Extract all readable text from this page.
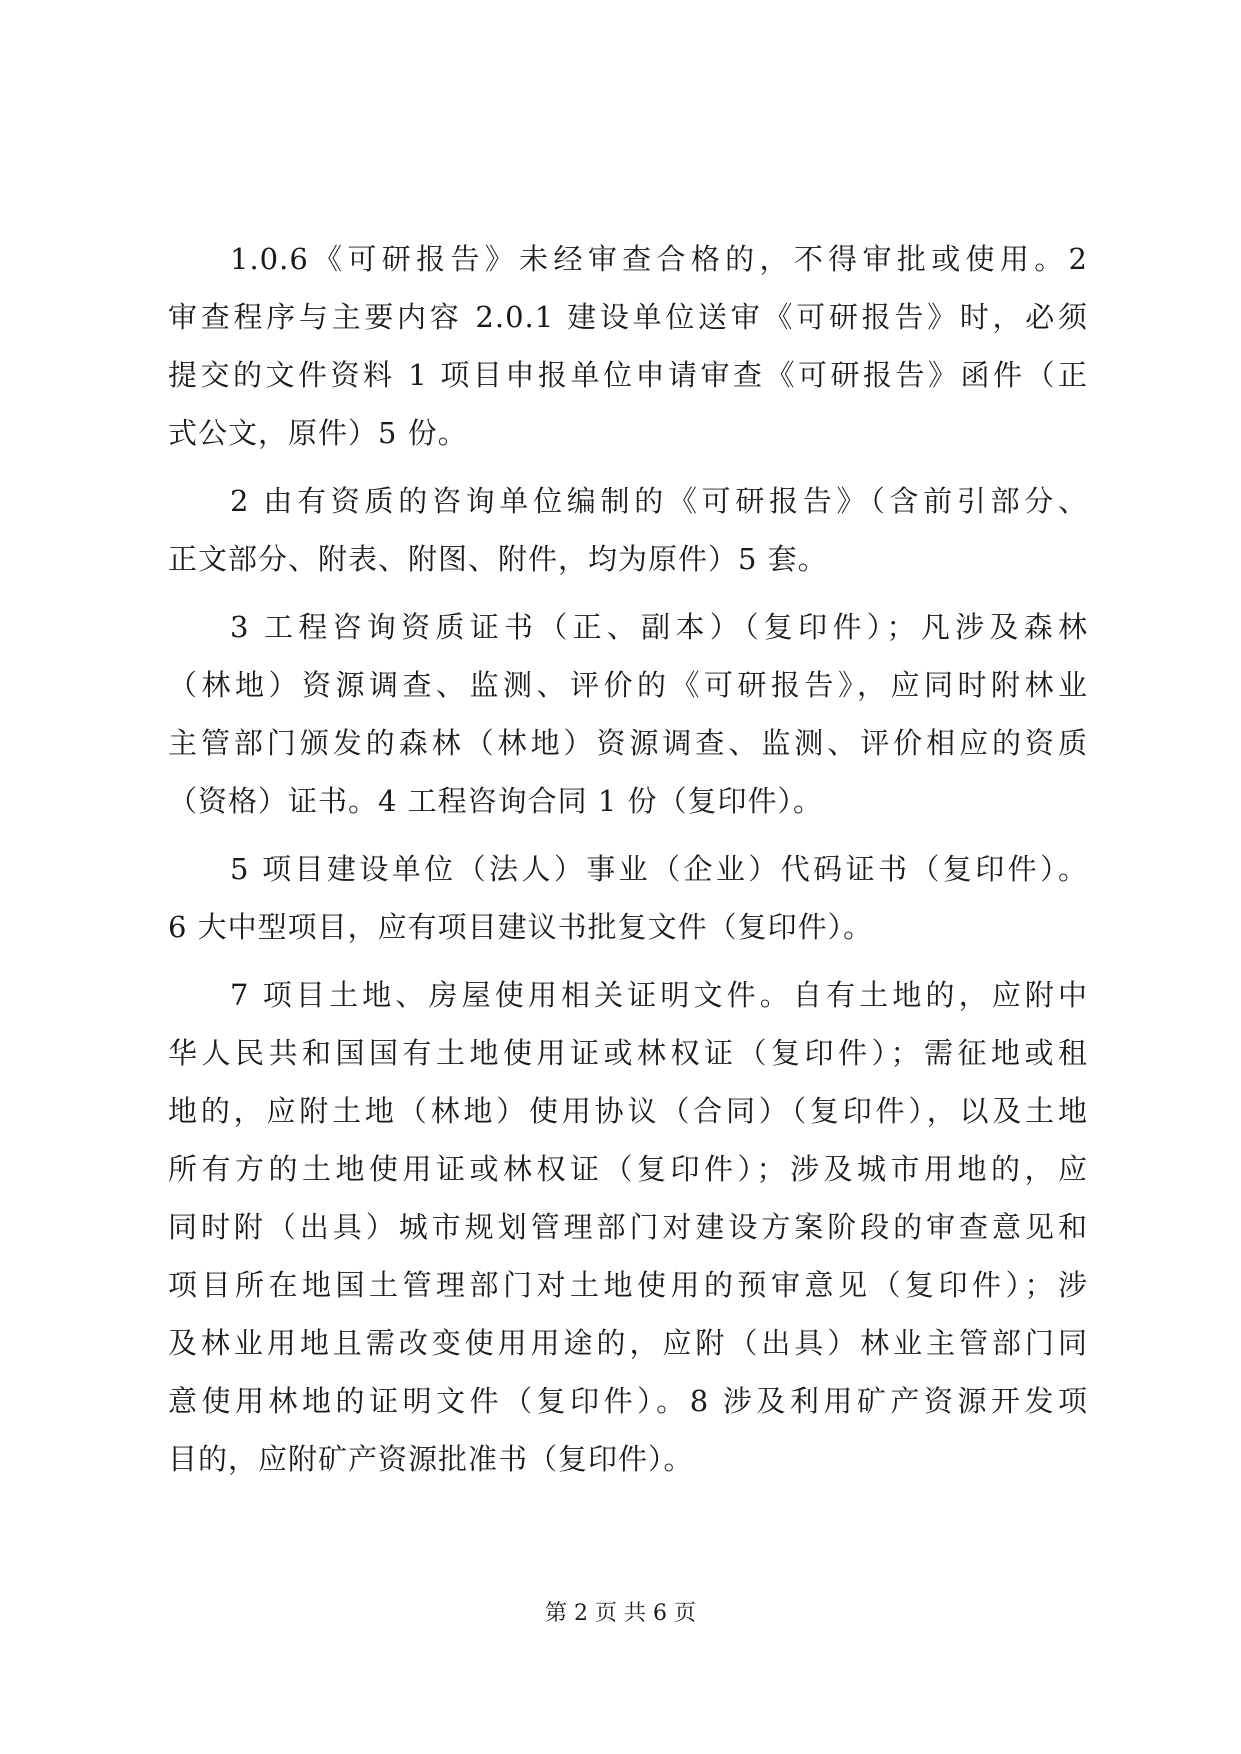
1.0.6《可研报告》未经审查合格的，不得审批或使用。2
审查程序与主要内容 2.0.1 建设单位送审《可研报告》时，必须
提交的文件资料 1 项目申报单位申请审查《可研报告》函件（正
式公文，原件）5 份。
2 由有资质的咨询单位编制的《可研报告》（含前引部分、
正文部分、附表、附图、附件，均为原件）5 套。
3 工程咨询资质证书（正、副本）（复印件）；凡涉及森林
（林地）资源调查、监测、评价的《可研报告》，应同时附林业
主管部门颁发的森林（林地）资源调查、监测、评价相应的资质
（资格）证书。4 工程咨询合同 1 份（复印件）。
5 项目建设单位（法人）事业（企业）代码证书（复印件）。
6 大中型项目，应有项目建议书批复文件（复印件）。
7 项目土地、房屋使用相关证明文件。自有土地的，应附中
华人民共和国国有土地使用证或林权证（复印件）；需征地或租
地的，应附土地（林地）使用协议（合同）（复印件），以及土地
所有方的土地使用证或林权证（复印件）；涉及城市用地的，应
同时附（出具）城市规划管理部门对建设方案阶段的审查意见和
项目所在地国土管理部门对土地使用的预审意见（复印件）；涉
及林业用地且需改变使用用途的，应附（出具）林业主管部门同
意使用林地的证明文件（复印件）。8 涉及利用矿产资源开发项
目的，应附矿产资源批准书（复印件）。
第 2 页 共 6 页
